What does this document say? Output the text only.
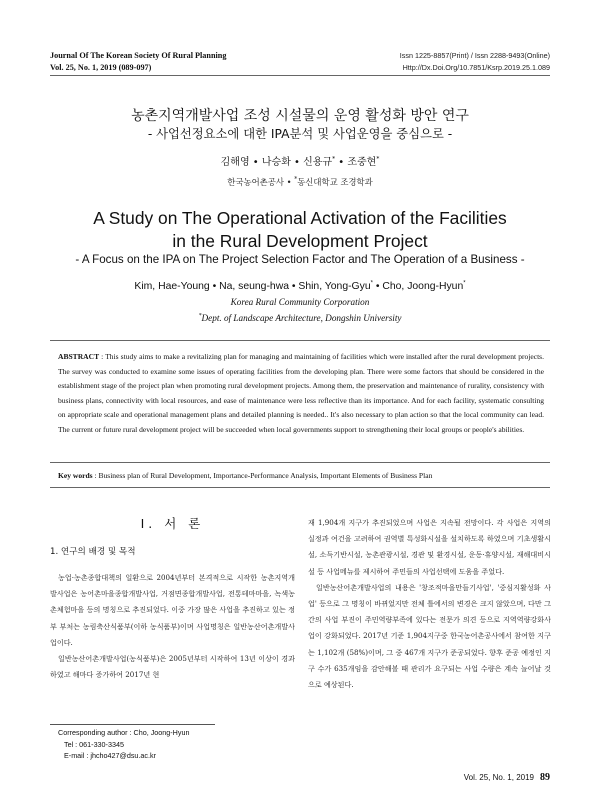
Journal Of The Korean Society Of Rural Planning
Vol. 25, No. 1, 2019 (089-097)
Issn 1225-8857(Print) / Issn 2288-9493(Online)
Http://Dx.Doi.Org/10.7851/Ksrp.2019.25.1.089
농촌지역개발사업 조성 시설물의 운영 활성화 방안 연구
- 사업선정요소에 대한 IPA분석 및 사업운영을 중심으로 -
김해영 • 나승화 • 신용규* • 조중현*
한국농어촌공사 • *동신대학교 조경학과
A Study on The Operational Activation of the Facilities
in the Rural Development Project
- A Focus on the IPA on The Project Selection Factor and The Operation of a Business -
Kim, Hae-Young • Na, seung-hwa • Shin, Yong-Gyu* • Cho, Joong-Hyun*
Korea Rural Community Corporation
*Dept. of Landscape Architecture, Dongshin University
ABSTRACT : This study aims to make a revitalizing plan for managing and maintaining of facilities which were installed after the rural development projects. The survey was conducted to examine some issues of operating facilities from the developing plan. There were some factors that should be considered in the establishment stage of the project plan when promoting rural development projects. Among them, the preservation and maintenance of rurality, consistency with business plans, connectivity with local resources, and ease of maintenance were less reflective than its importance. And for each facility, systematic consulting on appropriate scale and operational management plans and detailed planning is needed.. It's also necessary to plan action so that the local community can lead. The current or future rural development project will be succeeded when local governments support to strengthening their local groups or people's abilities.
Key words : Business plan of Rural Development, Importance-Performance Analysis, Important Elements of Business Plan
I. 서 론
1. 연구의 배경 및 목적

농업·농촌종합대책의 일환으로 2004년부터 본격적으로 시작한 농촌지역개발사업은 농어촌마을종합개발사업, 거점면종합개발사업, 전통테마마을, 녹색농촌체험마을 등의 명칭으로 추진되었다. 이중 가장 많은 사업을 추진하고 있는 정부 부처는 농림축산식품부(이하 농식품부)이며 사업명칭은 일반농산어촌개발사업이다.

일반농산어촌개발사업(농식품부)은 2005년부터 시작하여 13년 이상이 경과하였고 해마다 증가하여 2017년 현

재 1,904개 지구가 추진되었으며 사업은 지속될 전망이다. 각 사업은 지역의 실정과 여건을 고려하여 권역별 특성화시설을 설치하도록 하였으며 기초생활시설, 소득기반시설, 농촌관광시설, 경관 및 환경시설, 운동·휴양시설, 재해대비시설 등 사업메뉴를 제시하여 주민들의 사업선택에 도움을 주었다.

일반농산어촌개발사업의 내용은 '창조적마을만들기사업', '중심지활성화 사업' 등으로 그 명칭이 바뀌었지만 전체 틀에서의 변경은 크지 않았으며, 다만 그간의 사업 부진이 주민역량부족에 있다는 전문가 의견 등으로 지역역량강화사업이 강화되었다. 2017년 기준 1,904지구중 한국농어촌공사에서 참여한 지구는 1,102개 (58%)이며, 그 중 467개 지구가 준공되었다. 향후 준공 예정인 지구 수가 635개임을 감안해볼 때 관리가 요구되는 사업 수량은 계속 늘어날 것으로 예상된다.

Corresponding author : Cho, Joong-Hyun
Tel : 061-330-3345
E-mail : jhcho427@dsu.ac.kr
Vol. 25, No. 1, 2019 89
